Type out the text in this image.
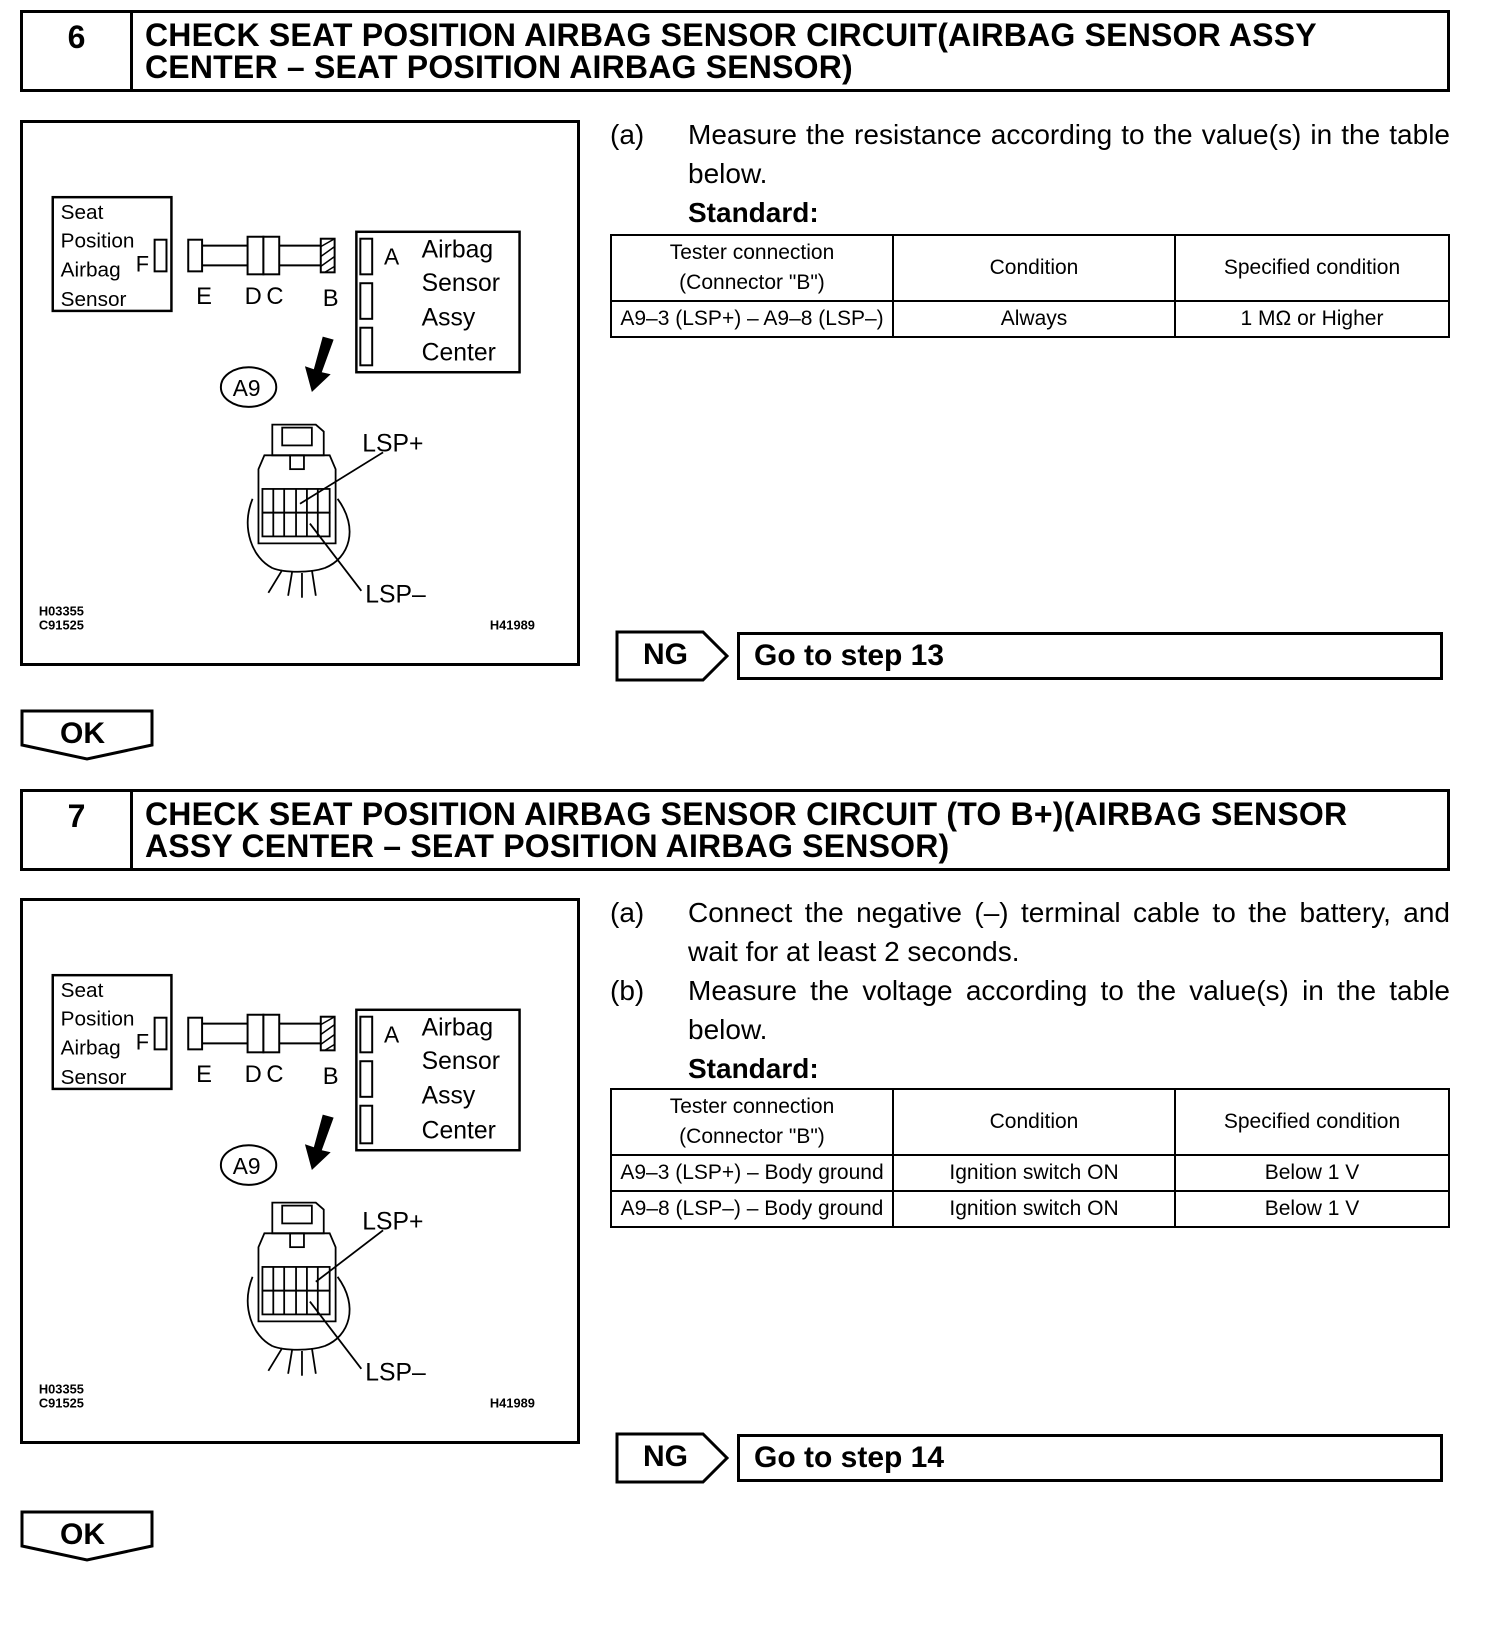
6	CHECK SEAT POSITION AIRBAG SENSOR CIRCUIT(AIRBAG SENSOR ASSY
CENTER – SEAT POSITION AIRBAG SENSOR)
Seat
Position
Airbag
Sensor
F
E D C B
A Airbag
Sensor
Assy
Center
A9
LSP+
LSP–
H03355
C91525	H41989
(a)	Measure the resistance according to the value(s) in the table below.
Standard:
Tester connection (Connector "B")	Condition	Specified condition
A9–3 (LSP+) – A9–8 (LSP–)	Always	1 MΩ or Higher
NG	Go to step 13
OK
7	CHECK SEAT POSITION AIRBAG SENSOR CIRCUIT (TO B+)(AIRBAG SENSOR
ASSY CENTER – SEAT POSITION AIRBAG SENSOR)
Seat
Position
Airbag
Sensor
F
E D C B
A Airbag
Sensor
Assy
Center
A9
LSP+
LSP–
H03355
C91525	H41989
(a)	Connect the negative (–) terminal cable to the battery, and wait for at least 2 seconds.
(b)	Measure the voltage according to the value(s) in the table below.
Standard:
Tester connection (Connector "B")	Condition	Specified condition
A9–3 (LSP+) – Body ground	Ignition switch ON	Below 1 V
A9–8 (LSP–) – Body ground	Ignition switch ON	Below 1 V
NG	Go to step 14
OK
